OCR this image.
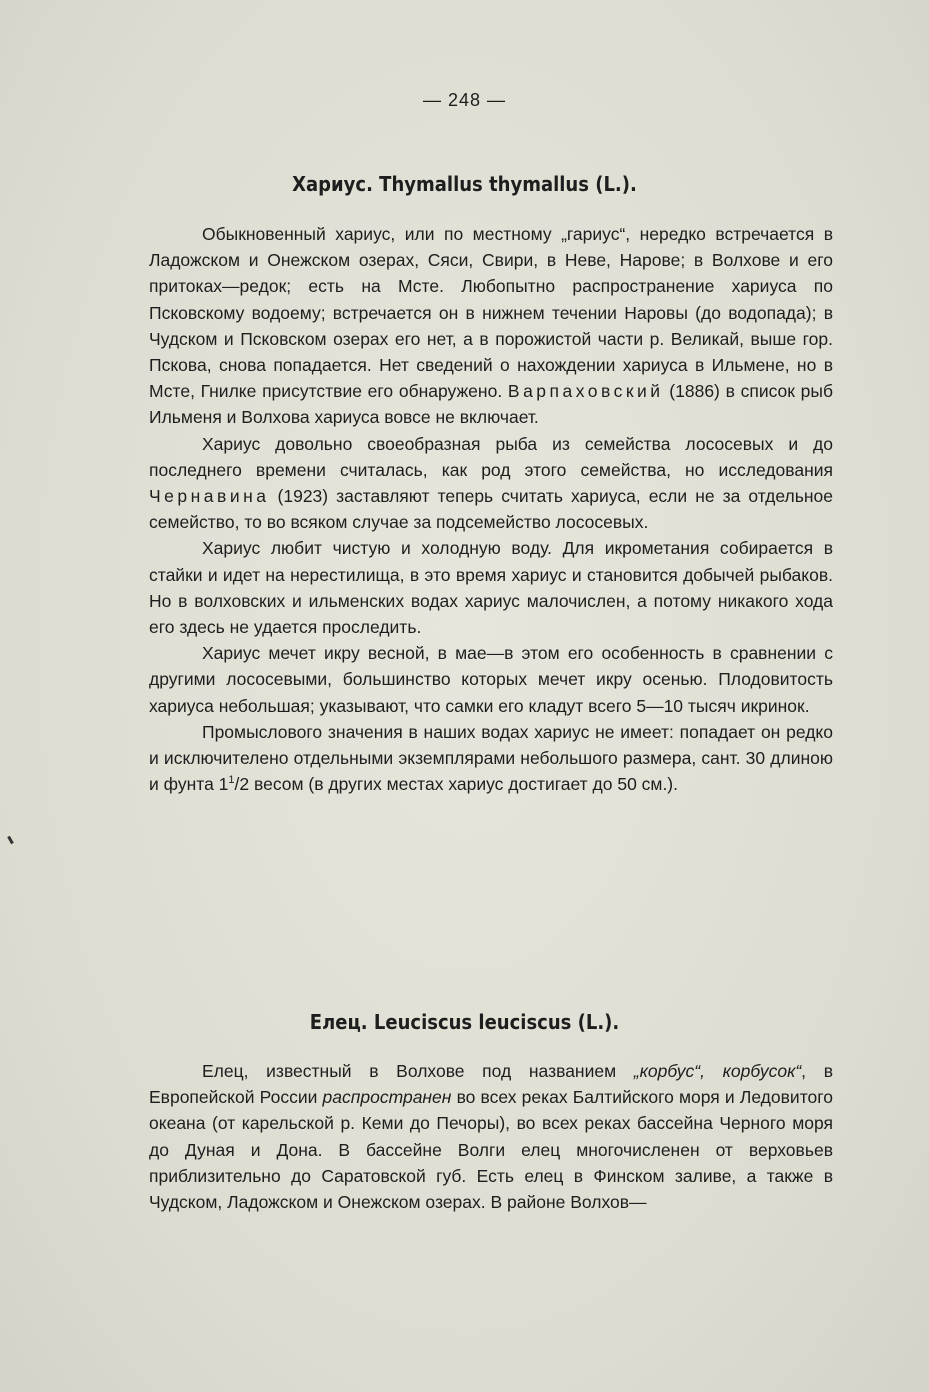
— 248 —
Хариус. Thymallus thymallus (L.).

Обыкновенный хариус, или по местному „гариус“, нередко встречается в Ладожском и Онежском озерах, Сяси, Свири, в Неве, Нарове; в Волхове и его притоках—редок; есть на Мсте. Любопытно распространение хариуса по Псковскому водоему; встречается он в нижнем течении Наровы (до водопада); в Чудском и Псковском озерах его нет, а в порожистой части р. Великай, выше гор. Пскова, снова попадается. Нет сведений о нахождении хариуса в Ильмене, но в Мсте, Гнилке присутствие его обнаружено. Варпаховский (1886) в список рыб Ильменя и Волхова хариуса вовсе не включает.

Хариус довольно своеобразная рыба из семейства лососевых и до последнего времени считалась, как род этого семейства, но исследования Чернавина (1923) заставляют теперь считать хариуса, если не за отдельное семейство, то во всяком случае за подсемейство лососевых.

Хариус любит чистую и холодную воду. Для икрометания собирается в стайки и идет на нерестилища, в это время хариус и становится добычей рыбаков. Но в волховских и ильменских водах хариус малочислен, а потому никакого хода его здесь не удается проследить.

Хариус мечет икру весной, в мае—в этом его особенность в сравнении с другими лососевыми, большинство которых мечет икру осенью. Плодовитость хариуса небольшая; указывают, что самки его кладут всего 5—10 тысяч икринок.

Промыслового значения в наших водах хариус не имеет: попадает он редко и исключителено отдельными экземплярами небольшого размера, сант. 30 длиною и фунта $1^1/2$ весом (в других местах хариус достигает до 50 см.).

Елец. Leuciscus leuciscus (L.).

Елец, известный в Волхове под названием „корбус“, корбусок“, в Европейской России распространен во всех реках Балтийского моря и Ледовитого океана (от карельской р. Кеми до Печоры), во всех реках бассейна Черного моря до Дуная и Дона. В бассейне Волги елец многочисленен от верховьев приблизительно до Саратовской губ. Есть елец в Финском заливе, а также в Чудском, Ладожском и Онежском озерах. В районе Волхов—
